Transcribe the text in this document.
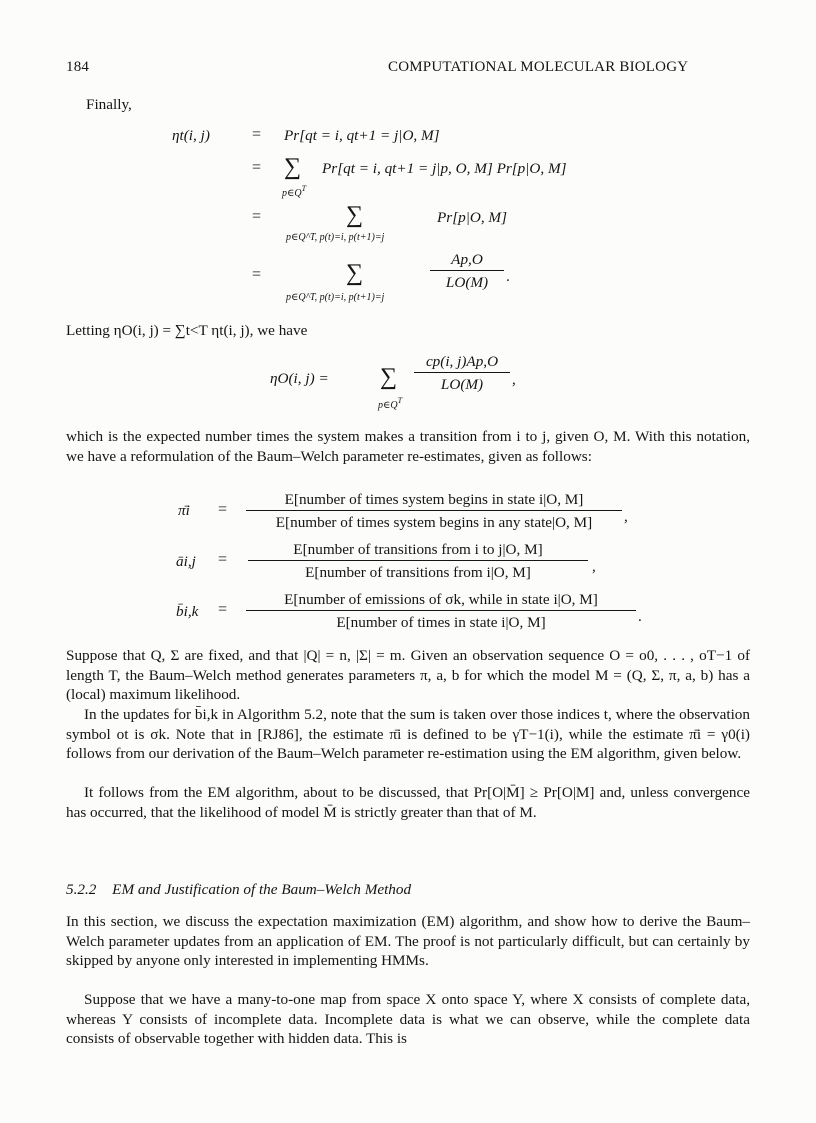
184	COMPUTATIONAL MOLECULAR BIOLOGY
Finally,
ηt(i, j)	= Pr[qt = i, qt+1 = j|O, M]
= ∑ Pr[qt = i, qt+1 = j|p, O, M] Pr[p|O, M]
$p\in Q^T$
=	∑	Pr[p|O, M]
p∈Q^T, p(t)=i, p(t+1)=j
=	∑
Ap,O
LO(M)	.
p∈Q^T, p(t)=i, p(t+1)=j
Letting ηO(i, j) = ∑t<T ηt(i, j), we have
ηO(i, j) = ∑
cp(i, j)Ap,O
LO(M)	,
$p\in Q^T$

which is the expected number times the system makes a transition from i to j, given O, M. With this notation, we have a reformulation of the Baum–Welch parameter re-estimates, given as follows:

π̄i =
E[number of times system begins in state i|O, M]
E[number of times system begins in any state|O, M]	,
āi,j =
E[number of transitions from i to j|O, M]
E[number of transitions from i|O, M]	,
b̄i,k =
E[number of emissions of σk, while in state i|O, M]
E[number of times in state i|O, M]	.

Suppose that Q, Σ are fixed, and that |Q| = n, |Σ| = m. Given an observation sequence O = o0, . . . , oT−1 of length T, the Baum–Welch method generates parameters π, a, b for which the model M = (Q, Σ, π, a, b) has a (local) maximum likelihood.

In the updates for b̄i,k in Algorithm 5.2, note that the sum is taken over those indices t, where the observation symbol ot is σk. Note that in [RJ86], the estimate π̄i is defined to be γT−1(i), while the estimate π̄i = γ0(i) follows from our derivation of the Baum–Welch parameter re-estimation using the EM algorithm, given below.

It follows from the EM algorithm, about to be discussed, that Pr[O|M̄] ≥ Pr[O|M] and, unless convergence has occurred, that the likelihood of model M̄ is strictly greater than that of M.

5.2.2 EM and Justification of the Baum–Welch Method

In this section, we discuss the expectation maximization (EM) algorithm, and show how to derive the Baum–Welch parameter updates from an application of EM. The proof is not particularly difficult, but can certainly by skipped by anyone only interested in implementing HMMs.

Suppose that we have a many-to-one map from space X onto space Y, where X consists of complete data, whereas Y consists of incomplete data. Incomplete data is what we can observe, while the complete data consists of observable together with hidden data. This is
